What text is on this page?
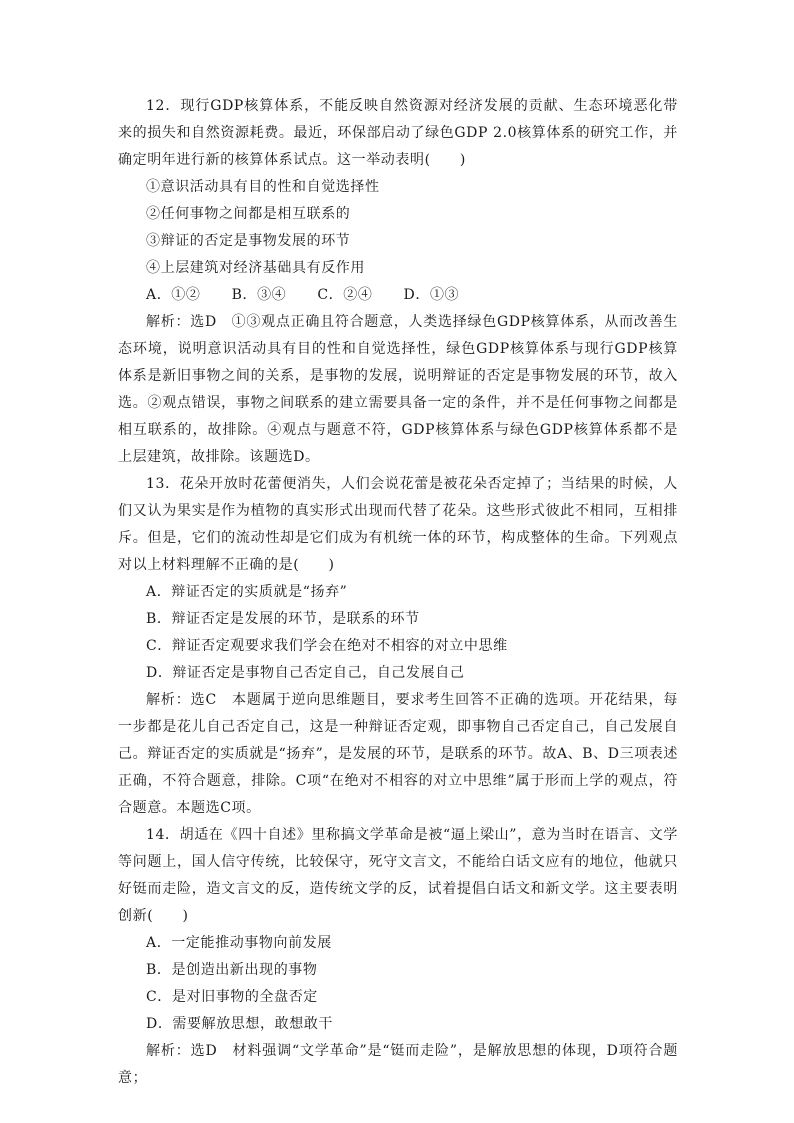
12．现行GDP核算体系，不能反映自然资源对经济发展的贡献、生态环境恶化带来的损失和自然资源耗费。最近，环保部启动了绿色GDP 2.0核算体系的研究工作，并确定明年进行新的核算体系试点。这一举动表明(　　)

①意识活动具有目的性和自觉选择性

②任何事物之间都是相互联系的

③辩证的否定是事物发展的环节

④上层建筑对经济基础具有反作用

A．①② B．③④ C．②④ D．①③

解析：选D　①③观点正确且符合题意，人类选择绿色GDP核算体系，从而改善生态环境，说明意识活动具有目的性和自觉选择性，绿色GDP核算体系与现行GDP核算体系是新旧事物之间的关系，是事物的发展，说明辩证的否定是事物发展的环节，故入选。②观点错误，事物之间联系的建立需要具备一定的条件，并不是任何事物之间都是相互联系的，故排除。④观点与题意不符，GDP核算体系与绿色GDP核算体系都不是上层建筑，故排除。该题选D。

13．花朵开放时花蕾便消失，人们会说花蕾是被花朵否定掉了；当结果的时候，人们又认为果实是作为植物的真实形式出现而代替了花朵。这些形式彼此不相同，互相排斥。但是，它们的流动性却是它们成为有机统一体的环节，构成整体的生命。下列观点对以上材料理解不正确的是(　　)

A．辩证否定的实质就是“扬弃”

B．辩证否定是发展的环节，是联系的环节

C．辩证否定观要求我们学会在绝对不相容的对立中思维

D．辩证否定是事物自己否定自己，自己发展自己

解析：选C　本题属于逆向思维题目，要求考生回答不正确的选项。开花结果，每一步都是花儿自己否定自己，这是一种辩证否定观，即事物自己否定自己，自己发展自己。辩证否定的实质就是“扬弃”，是发展的环节，是联系的环节。故A、B、D三项表述正确，不符合题意，排除。C项“在绝对不相容的对立中思维”属于形而上学的观点，符合题意。本题选C项。

14．胡适在《四十自述》里称搞文学革命是被“逼上梁山”，意为当时在语言、文学等问题上，国人信守传统，比较保守，死守文言文，不能给白话文应有的地位，他就只好铤而走险，造文言文的反，造传统文学的反，试着提倡白话文和新文学。这主要表明创新(　　)

A．一定能推动事物向前发展

B．是创造出新出现的事物

C．是对旧事物的全盘否定

D．需要解放思想，敢想敢干

解析：选D　材料强调“文学革命”是“铤而走险”，是解放思想的体现，D项符合题意；
